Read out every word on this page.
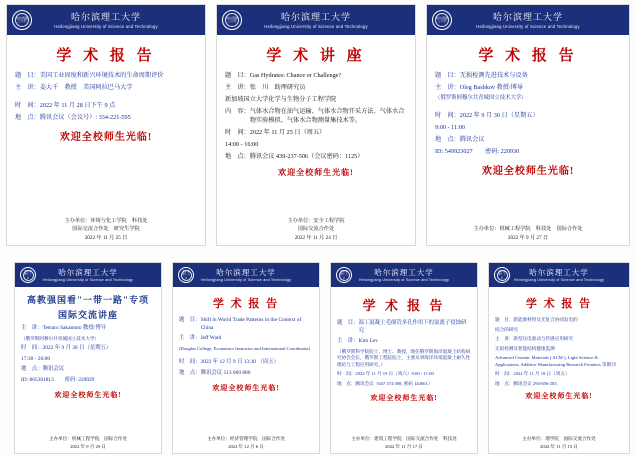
哈尔滨理工大学	哈尔滨理工大学
Heilongjiang University of Science and Technology
学 术 报 告
题　目： 美国工业固废和新兴环境技术的生命周期评价
主　讲： 姜大千　教授　美国阿拉巴马大学
时　间： 2022 年 11 月 28 日下午 9 点
地　点： 腾讯会议（会议号）: 334-221-595
欢迎全校师生光临!
主办单位：环境与化工学院　科技处
国际交流合作处　研究生学院
2022 年 11 月 25 日
哈尔滨理工大学	哈尔滨理工大学
Heilongjiang University of Science and Technology
学 术 讲 座
题　目： Gas Hydrates: Chance or Challenge?
主　讲： 张　川　助理研究员
新加坡国立大学化学与生物分子工程学院
内　容： 气体水合物在油气运输、气体水合物开采方法、气体水合物实验模拟、气体水合物测量集技术等。
时　间： 2022 年 11 月 25 日（周五）
14:00 - 16:00
地　点： 腾讯会议 439-237-506（会议密码：1125）
欢迎全校师生光临!
主办单位：安全工程学院
国际交流合作处
2022 年 11 月 24 日
哈尔滨理工大学	哈尔滨理工大学
Heilongjiang University of Science and Technology
学 术 报 告
题　目： 无损检测先进技术与设备
主　讲： Oleg Bashkov 教授/博导
（俄罗斯阿穆尔共青城国立技术大学）
时　间： 2022 年 9 月 30 日（星期五）
9:00 - 11:00
地　点： 腾讯会议
ID: 549923027　　密码: 220930
欢迎全校师生光临!
主办单位：机械工程学院　科技处　国际合作处
2022 年 9 月 27 日
哈尔滨理工大学
哈尔滨理工大学
Heilongjiang University of Science and Technology
高教强国看"一带一路"专项
国际交流讲座
主　讲： Tetsuro Sakamoto 教授/博导
（俄罗斯阿穆尔共青城国立技术大学）
时　间： 2022 年 9 月 30 日（星期五）
17:30 - 20:00
地　点： 腾讯会议
ID: 865361813　　密码: 220929
欢迎全校师生光临!
主办单位：机械工程学院　国际合作处
2022 年 9 月 29 日
哈尔滨理工大学
哈尔滨理工大学
Heilongjiang University of Science and Technology
学 术 报 告
题　目： Shift in World Trade Patterns in the Context of China
主　讲： Jeff Ward
(Douglas College, Economics Instructor and International Coordinator)
时　间： 2022 年 12 月 9 日 13:30 （周五）
地　点： 腾讯会议 513 000 880
欢迎全校师生光临!
主办单位：经济管理学院　国际合作处
2022 年 12 月 6 日
哈尔滨理工大学
哈尔滨理工大学
Heilongjiang University of Science and Technology
学 术 报 告
题　目： 海工混凝土毛细管多孔作用下的氯离子侵蚀研究
主　讲： Kim Lev
（俄罗斯科学院院士、博士、教授，现任俄罗斯海洋混凝土结构研究协会会长，俄罗斯工程院院士，主要从事海洋环境混凝土耐久性理论与工程应用研究。）
时　间： 2022 年 11 月 19 日（周六）9:00 - 11:00
地　点： 腾讯会议（647 374 008, 密码 144661）
欢迎全校师生光临!
主办单位：建筑工程学院　国际交流合作处　科技处
2022 年 11 月 17 日
哈尔滨理工大学
哈尔滨理工大学
Heilongjiang University of Science and Technology
学 术 报 告
题　目： 新能源材料及光复合协同发电的
结合的研究
主　讲： 新型压电驱动与传感应用研究
无损检测及智能结构健康监测
Advanced Ceramic Materials ( ACM ), Light Science & Applications, Additive Manufacturing Research Frontiers 等期刊
时　间： 2022 年 11 月 18 日（周五）
地　点： 腾讯会议 294-856-283
欢迎全校师生光临!
主办单位：理学院　国际交流合作处
2022 年 11 月 15 日
